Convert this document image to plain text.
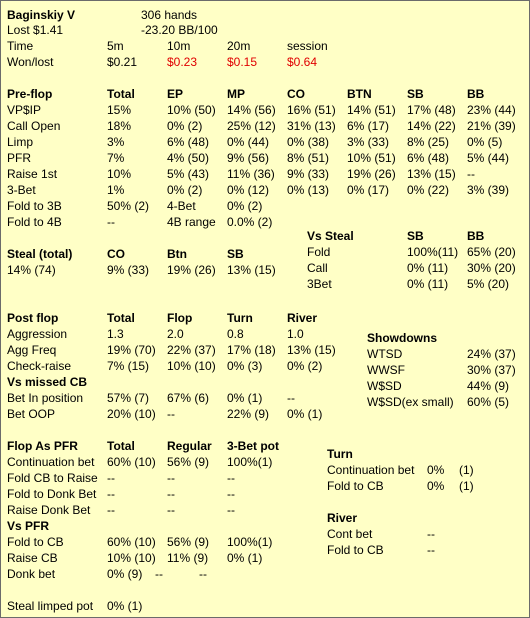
Baginskiy V	306 hands
Lost $1.41	-23.20 BB/100
Time	5m	10m	20m	session
Won/lost	$0.21 $0.23 $0.15 $0.64
Pre-flop	Total	EP	MP	CO	BTN	SB	BB
VP$IP	15%	10% (50) 14% (56) 16% (51) 14% (51) 17% (48) 23% (44)
Call Open	18%	0% (2) 25% (12) 31% (13) 6% (17) 14% (22) 21% (39)
Limp	3%	6% (48) 0% (44) 0% (38) 3% (33) 8% (25) 0% (5)
PFR	7%	4% (50) 9% (56) 8% (51) 10% (51) 6% (48) 5% (44)
Raise 1st	10%	5% (43) 11% (36) 9% (33) 19% (26) 13% (15) --
3-Bet	1%	0% (2) 0% (12) 0% (13) 0% (17) 0% (22) 3% (39)
Fold to 3B	50% (2) 4-Bet	0% (2)
Fold to 4B	--	4B range 0.0% (2)
Vs Steal	SB	BB
Fold	100%(11) 65% (20)
Call	0% (11) 30% (20)
3Bet	0% (11) 5% (20)
Steal (total)	CO	Btn	SB
14% (74)	9% (33) 19% (26) 13% (15)
Post flop	Total	Flop	Turn	River
Aggression	1.3	2.0	0.8	1.0
Agg Freq	19% (70) 22% (37) 17% (18) 13% (15)
Check-raise	7% (15) 10% (10) 0% (3) 0% (2)
Vs missed CB
Bet In position 57% (7) 67% (6) 0% (1) --
Bet OOP	20% (10) --	22% (9) 0% (1)
Showdowns
WTSD	24% (37)
WWSF	30% (37)
W$SD	44% (9)
W$SD(ex small) 60% (5)
Flop As PFR Total	Regular 3-Bet pot
Continuation bet 60% (10) 56% (9) 100%(1)
Fold CB to Raise --	--	--
Fold to Donk Bet --	--	--
Raise Donk Bet --	--	--
Vs PFR
Fold to CB	60% (10) 56% (9) 100%(1)
Raise CB	10% (10) 11% (9) 0% (1)
Donk bet	0% (9) --	--
Turn
Continuation bet 0% (1)
Fold to CB	0% (1)
River
Cont bet	--
Fold to CB	--
Steal limped pot 0% (1)
